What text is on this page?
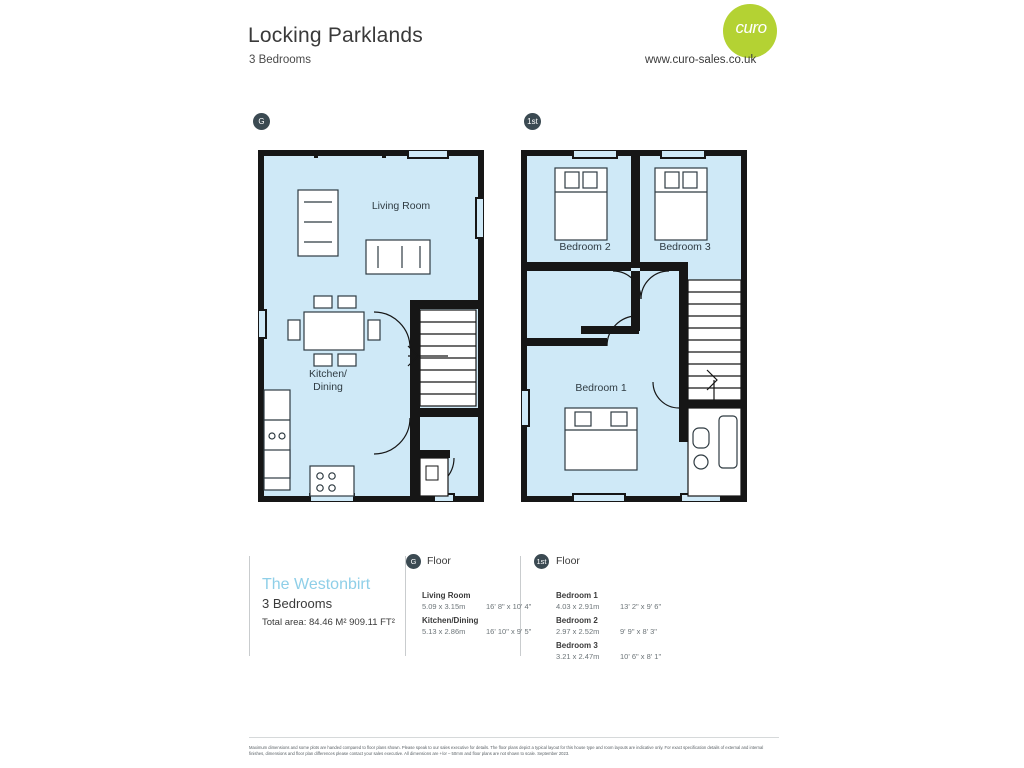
Locking Parklands
3 Bedrooms
curo
www.curo-sales.co.uk
G	1st
Living Room
Kitchen/
Dining
Bedroom 2	Bedroom 3
Bedroom 1
The Westonbirt
3 Bedrooms
Total area: 84.46 M² 909.11 FT²
G	Floor
Living Room
5.09 x 3.15m	16' 8" x 10' 4"
Kitchen/Dining
5.13 x 2.86m	16' 10" x 9' 5"
1st Floor
Bedroom 1
4.03 x 2.91m	13' 2" x 9' 6"
Bedroom 2
2.97 x 2.52m	9' 9" x 8' 3"
Bedroom 3
3.21 x 2.47m	10' 6" x 8' 1"
Maximum dimensions and some plots are handed compared to floor plans shown. Please speak to our sales executive for details. The floor plans depict a typical layout for this house type and room layouts are indicative only. For exact specification details of external and internal finishes, dimensions and floor plan differences please contact your sales executive. All dimensions are +/or – 50mm and floor plans are not shown to scale. September 2023.
